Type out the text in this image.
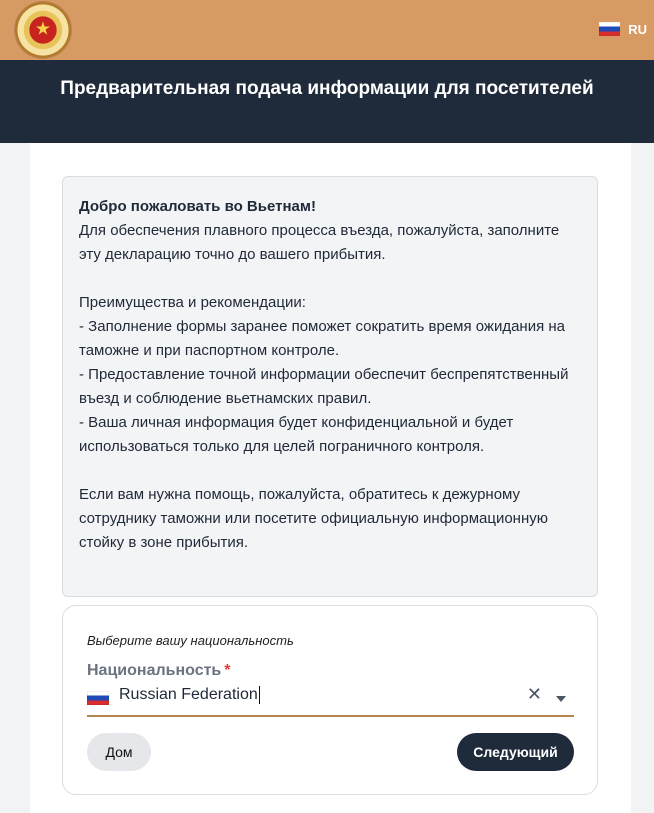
★	RU
Предварительная подача информации для посетителей
Добро пожаловать во Вьетнам!

Для обеспечения плавного процесса въезда, пожалуйста, заполните эту декларацию точно до вашего прибытия.

Преимущества и рекомендации:

- Заполнение формы заранее поможет сократить время ожидания на таможне и при паспортном контроле.

- Предоставление точной информации обеспечит беспрепятственный въезд и соблюдение вьетнамских правил.

- Ваша личная информация будет конфиденциальной и будет использоваться только для целей пограничного контроля.

Если вам нужна помощь, пожалуйста, обратитесь к дежурному сотруднику таможни или посетите официальную информационную стойку в зоне прибытия.

Выберите вашу национальность
Национальность *
Russian Federation	✕
Дом	Следующий
